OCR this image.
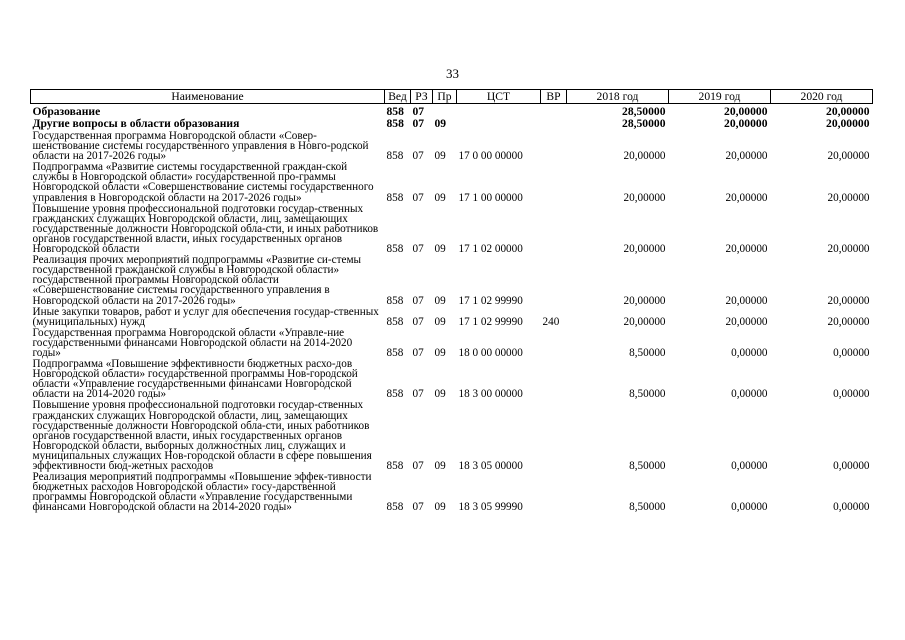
33
Наименование	Вед	РЗ	Пр	ЦСТ	ВР	2018 год	2019 год	2020 год
Образование	858	07				28,50000	20,00000	20,00000
Другие вопросы в области образования	858	07	09			28,50000	20,00000	20,00000
Государственная программа Новгородской области «Совер-шенствование системы государственного управления в Новго-родской области на 2017-2026 годы»	858	07	09	17 0 00 00000		20,00000	20,00000	20,00000
Подпрограмма «Развитие системы государственной граждан-ской службы в Новгородской области» государственной про-граммы Новгородской области «Совершенствование системы государственного управления в Новгородской области на 2017-2026 годы»	858	07	09	17 1 00 00000		20,00000	20,00000	20,00000
Повышение уровня профессиональной подготовки государ-ственных гражданских служащих Новгородской области, лиц, замещающих государственные должности Новгородской обла-сти, и иных работников органов государственной власти, иных государственных органов Новгородской области	858	07	09	17 1 02 00000		20,00000	20,00000	20,00000
Реализация прочих мероприятий подпрограммы «Развитие си-стемы государственной гражданской службы в Новгородской области» государственной программы Новгородской области «Совершенствование системы государственного управления в Новгородской области на 2017-2026 годы»	858	07	09	17 1 02 99990		20,00000	20,00000	20,00000
Иные закупки товаров, работ и услуг для обеспечения государ-ственных (муниципальных) нужд	858	07	09	17 1 02 99990	240	20,00000	20,00000	20,00000
Государственная программа Новгородской области «Управле-ние государственными финансами Новгородской области на 2014-2020 годы»	858	07	09	18 0 00 00000		8,50000	0,00000	0,00000
Подпрограмма «Повышение эффективности бюджетных расхо-дов Новгородской области» государственной программы Нов-городской области «Управление государственными финансами Новгородской области на 2014-2020 годы»	858	07	09	18 3 00 00000		8,50000	0,00000	0,00000
Повышение уровня профессиональной подготовки государ-ственных гражданских служащих Новгородской области, лиц, замещающих государственные должности Новгородской обла-сти, иных работников органов государственной власти, иных государственных органов Новгородской области, выборных должностных лиц, служащих и муниципальных служащих Нов-городской области в сфере повышения эффективности бюд-жетных расходов	858	07	09	18 3 05 00000		8,50000	0,00000	0,00000
Реализация мероприятий подпрограммы «Повышение эффек-тивности бюджетных расходов Новгородской области» госу-дарственной программы Новгородской области «Управление государственными финансами Новгородской области на 2014-2020 годы»	858	07	09	18 3 05 99990		8,50000	0,00000	0,00000
